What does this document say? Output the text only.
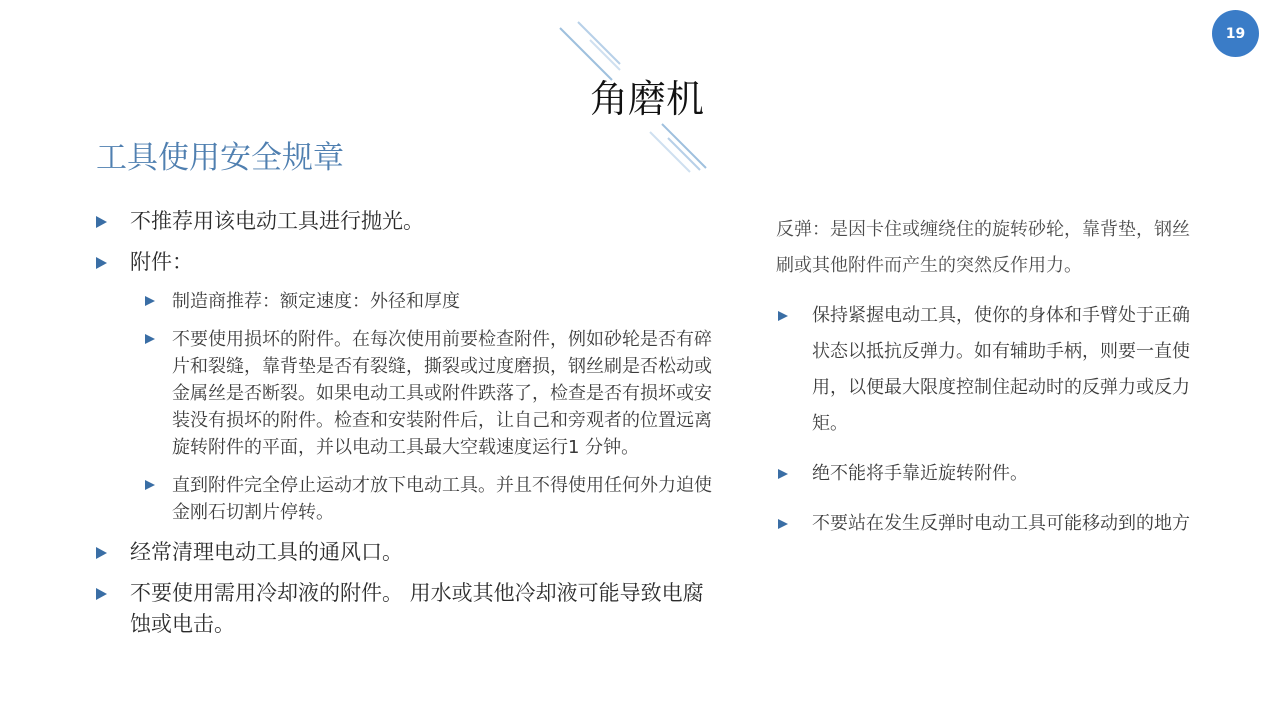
19
角磨机
工具使用安全规章
不推荐用该电动工具进行抛光。
附件：
制造商推荐：额定速度：外径和厚度
不要使用损坏的附件。在每次使用前要检查附件，例如砂轮是否有碎片和裂缝，靠背垫是否有裂缝，撕裂或过度磨损，钢丝刷是否松动或金属丝是否断裂。如果电动工具或附件跌落了，检查是否有损坏或安装没有损坏的附件。检查和安装附件后，让自己和旁观者的位置远离旋转附件的平面，并以电动工具最大空载速度运行1 分钟。
直到附件完全停止运动才放下电动工具。并且不得使用任何外力迫使金刚石切割片停转。
经常清理电动工具的通风口。
不要使用需用冷却液的附件。 用水或其他冷却液可能导致电腐蚀或电击。
反弹：是因卡住或缠绕住的旋转砂轮，靠背垫，钢丝刷或其他附件而产生的突然反作用力。
保持紧握电动工具，使你的身体和手臂处于正确状态以抵抗反弹力。如有辅助手柄，则要一直使用，以便最大限度控制住起动时的反弹力或反力矩。
绝不能将手靠近旋转附件。
不要站在发生反弹时电动工具可能移动到的地方
